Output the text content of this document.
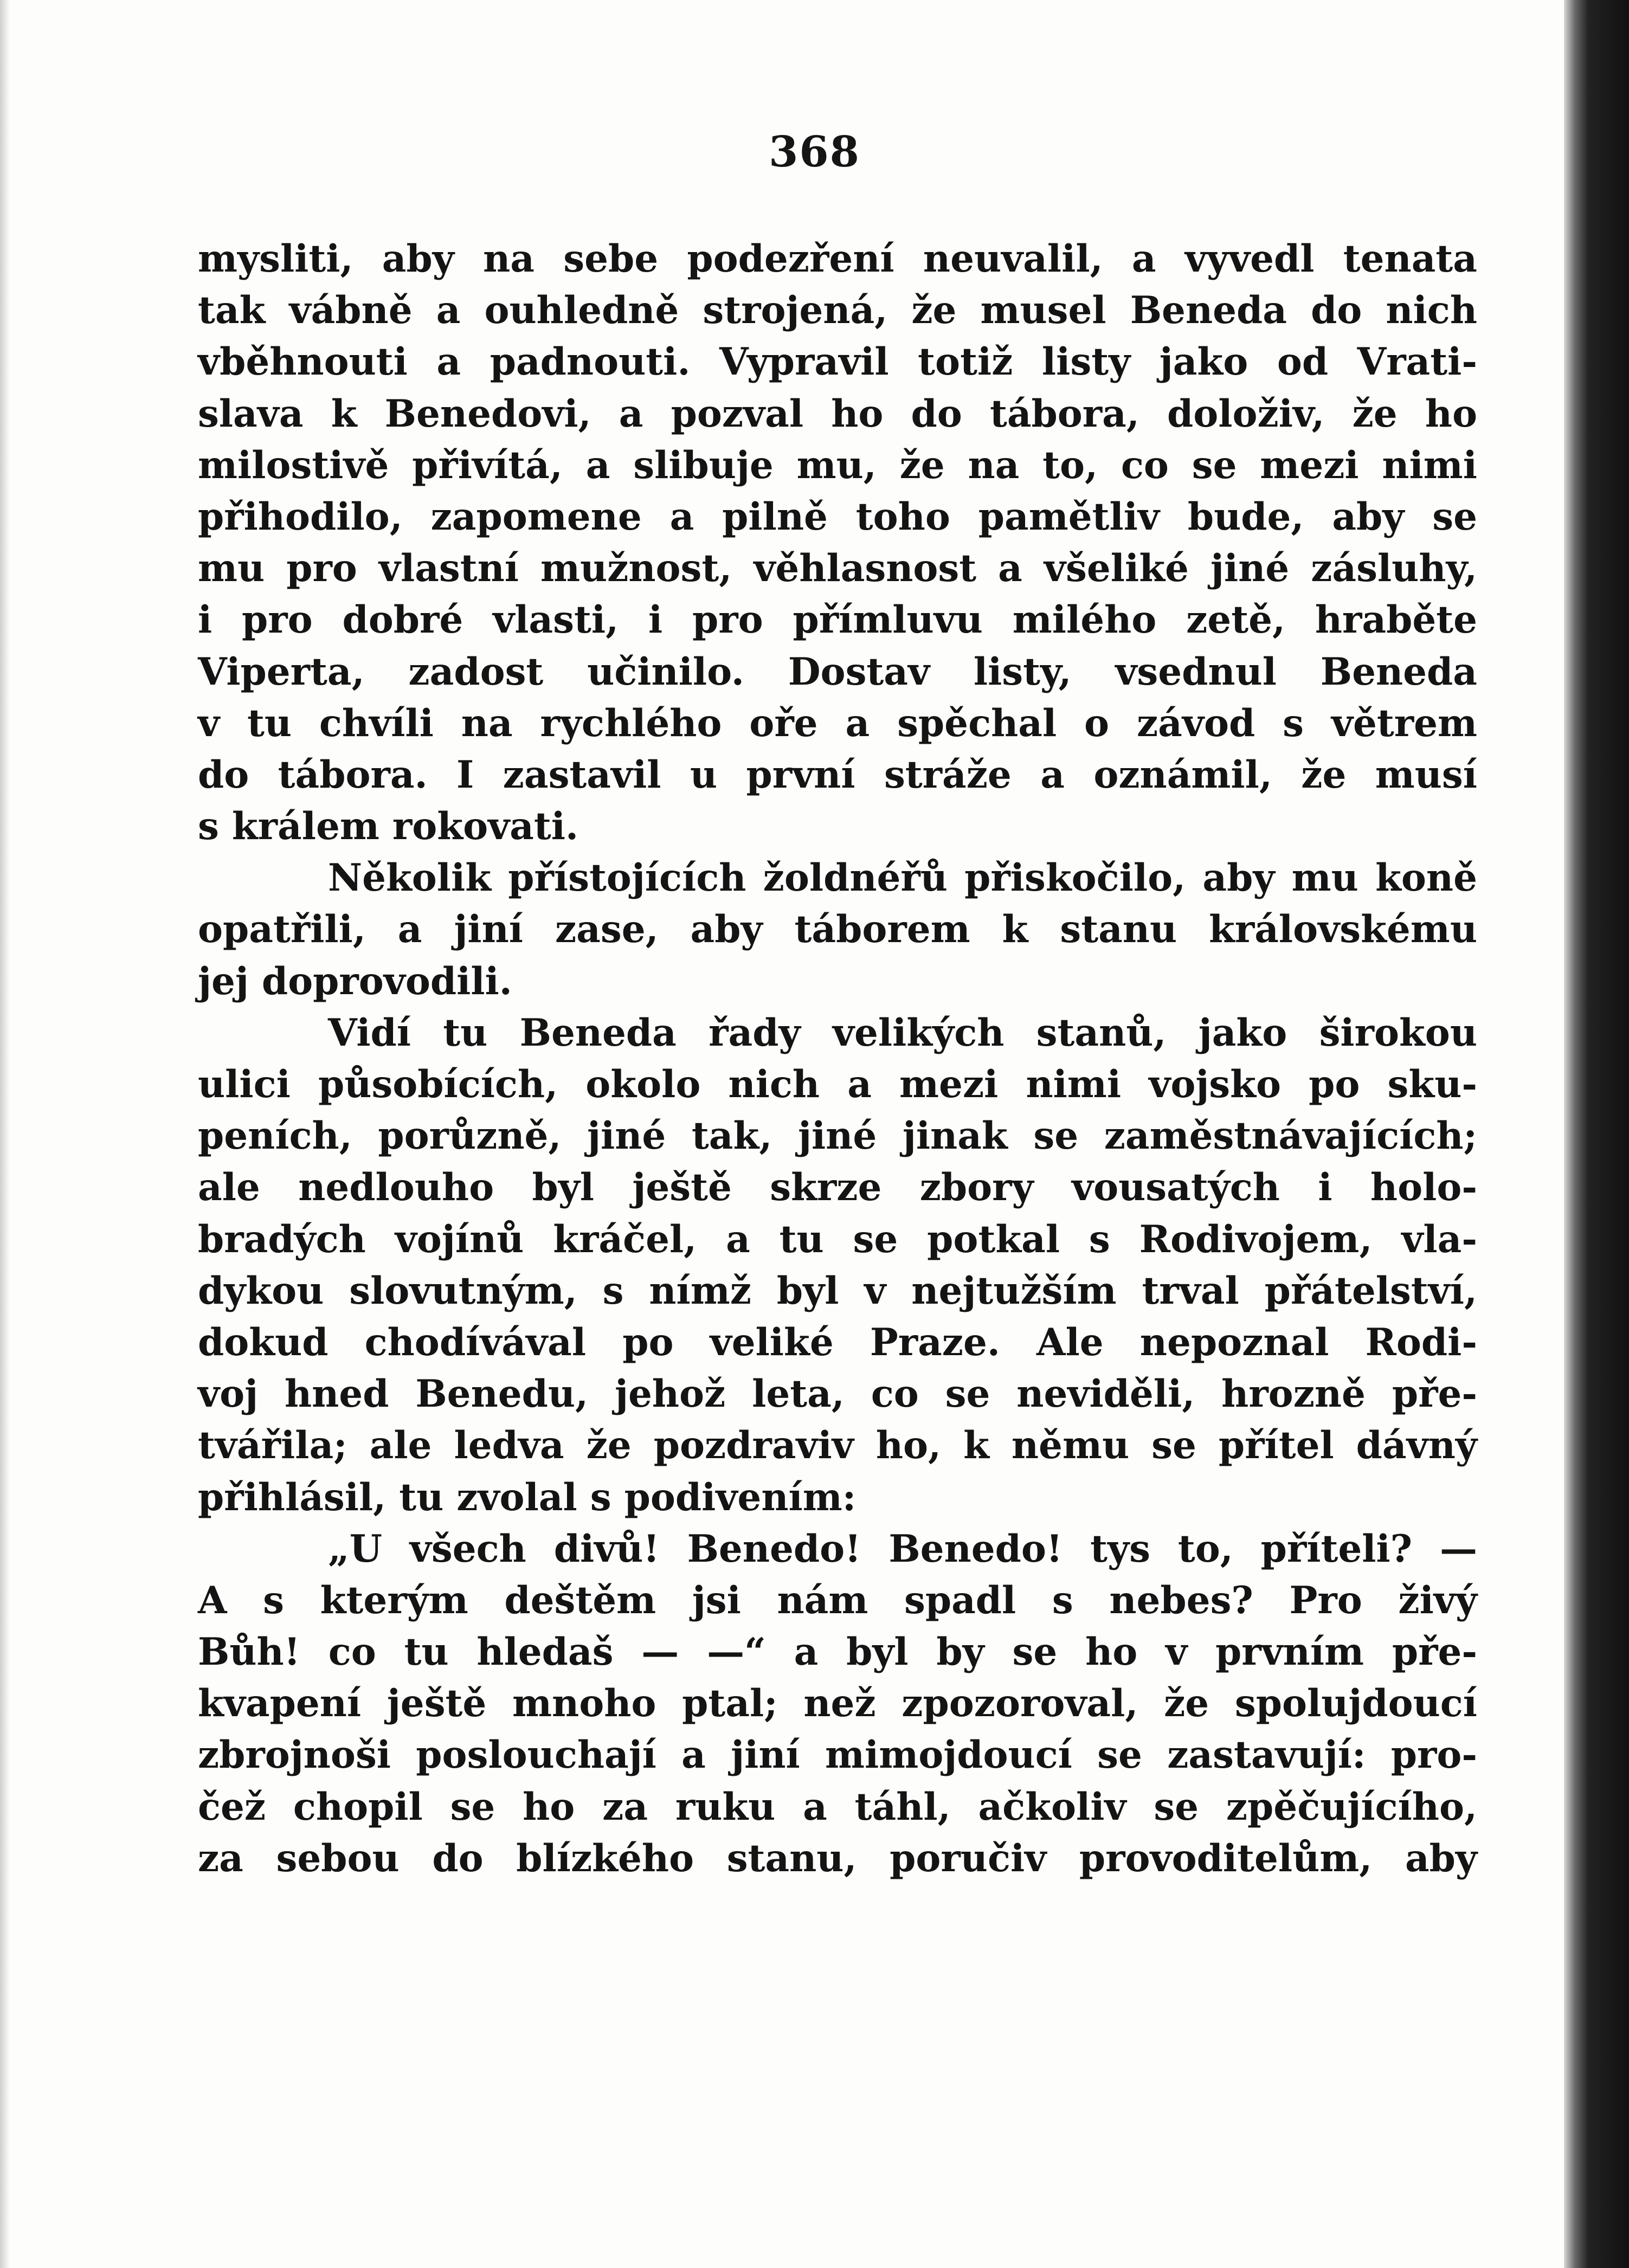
368
mysliti, aby na sebe podezření neuvalil, a vyvedl tenata
tak vábně a ouhledně strojená, že musel Beneda do nich
vběhnouti a padnouti. Vypravil totiž listy jako od Vrati-
slava k Benedovi, a pozval ho do tábora, doloživ, že ho
milostivě přivítá, a slibuje mu, že na to, co se mezi nimi
přihodilo, zapomene a pilně toho pamětliv bude, aby se
mu pro vlastní mužnost, věhlasnost a všeliké jiné zásluhy,
i pro dobré vlasti, i pro přímluvu milého zetě, hraběte
Viperta, zadost učinilo. Dostav listy, vsednul Beneda
v tu chvíli na rychlého oře a spěchal o závod s větrem
do tábora. I zastavil u první stráže a oznámil, že musí
s králem rokovati.
Několik přístojících žoldnéřů přiskočilo, aby mu koně
opatřili, a jiní zase, aby táborem k stanu královskému
jej doprovodili.
Vidí tu Beneda řady velikých stanů, jako širokou
ulici působících, okolo nich a mezi nimi vojsko po sku-
peních, porůzně, jiné tak, jiné jinak se zaměstnávajících;
ale nedlouho byl ještě skrze zbory vousatých i holo-
bradých vojínů kráčel, a tu se potkal s Rodivojem, vla-
dykou slovutným, s nímž byl v nejtužším trval přátelství,
dokud chodívával po veliké Praze. Ale nepoznal Rodi-
voj hned Benedu, jehož leta, co se neviděli, hrozně pře-
tvářila; ale ledva že pozdraviv ho, k němu se přítel dávný
přihlásil, tu zvolal s podivením:
„U všech divů! Benedo! Benedo! tys to, příteli? —
A s kterým deštěm jsi nám spadl s nebes? Pro živý
Bůh! co tu hledaš — —“ a byl by se ho v prvním pře-
kvapení ještě mnoho ptal; než zpozoroval, že spolujdoucí
zbrojnoši poslouchají a jiní mimojdoucí se zastavují: pro-
čež chopil se ho za ruku a táhl, ačkoliv se zpěčujícího,
za sebou do blízkého stanu, poručiv provoditelům, aby
